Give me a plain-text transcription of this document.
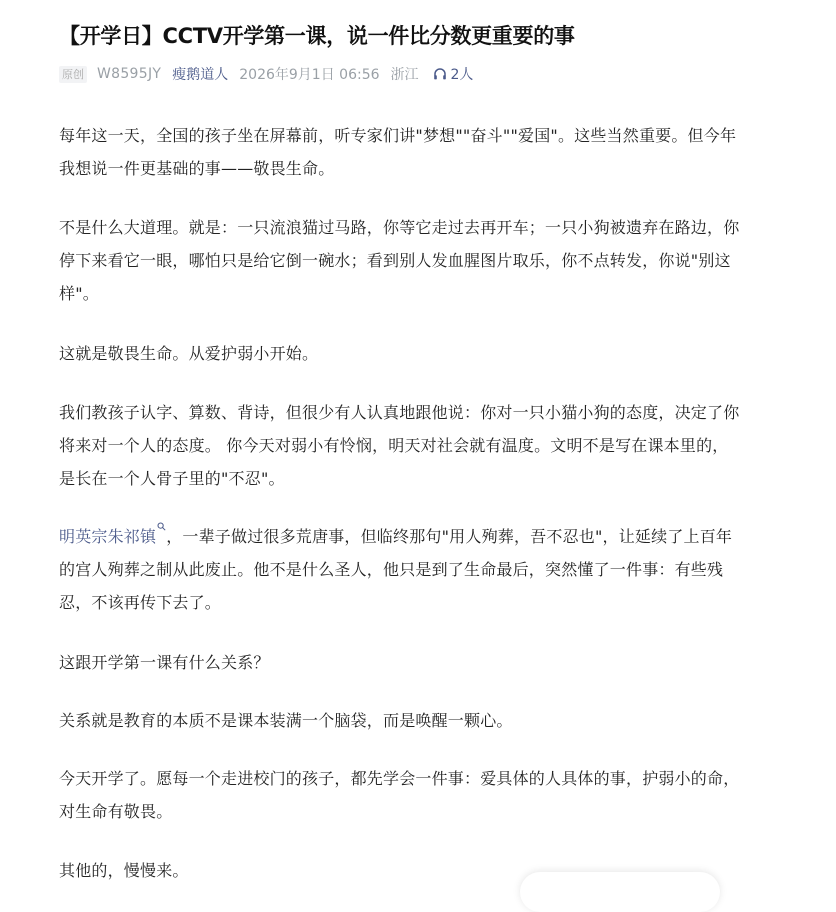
【开学日】CCTV开学第一课，说一件比分数更重要的事
原创 W8595JY 瘦鹅道人 2026年9月1日 06:56 浙江 2人
每年这一天，全国的孩子坐在屏幕前，听专家们讲"梦想""奋斗""爱国"。这些当然重要。但今年我想说一件更基础的事——敬畏生命。
不是什么大道理。就是：一只流浪猫过马路，你等它走过去再开车；一只小狗被遗弃在路边，你停下来看它一眼，哪怕只是给它倒一碗水；看到别人发血腥图片取乐，你不点转发，你说"别这样"。
这就是敬畏生命。从爱护弱小开始。
我们教孩子认字、算数、背诗，但很少有人认真地跟他说：你对一只小猫小狗的态度，决定了你将来对一个人的态度。 你今天对弱小有怜悯，明天对社会就有温度。文明不是写在课本里的，是长在一个人骨子里的"不忍"。
明英宗朱祁镇 ，一辈子做过很多荒唐事，但临终那句"用人殉葬，吾不忍也"，让延续了上百年的宫人殉葬之制从此废止。他不是什么圣人，他只是到了生命最后，突然懂了一件事：有些残忍，不该再传下去了。
这跟开学第一课有什么关系？
关系就是教育的本质不是课本装满一个脑袋，而是唤醒一颗心。
今天开学了。愿每一个走进校门的孩子，都先学会一件事：爱具体的人具体的事，护弱小的命，对生命有敬畏。
其他的，慢慢来。
